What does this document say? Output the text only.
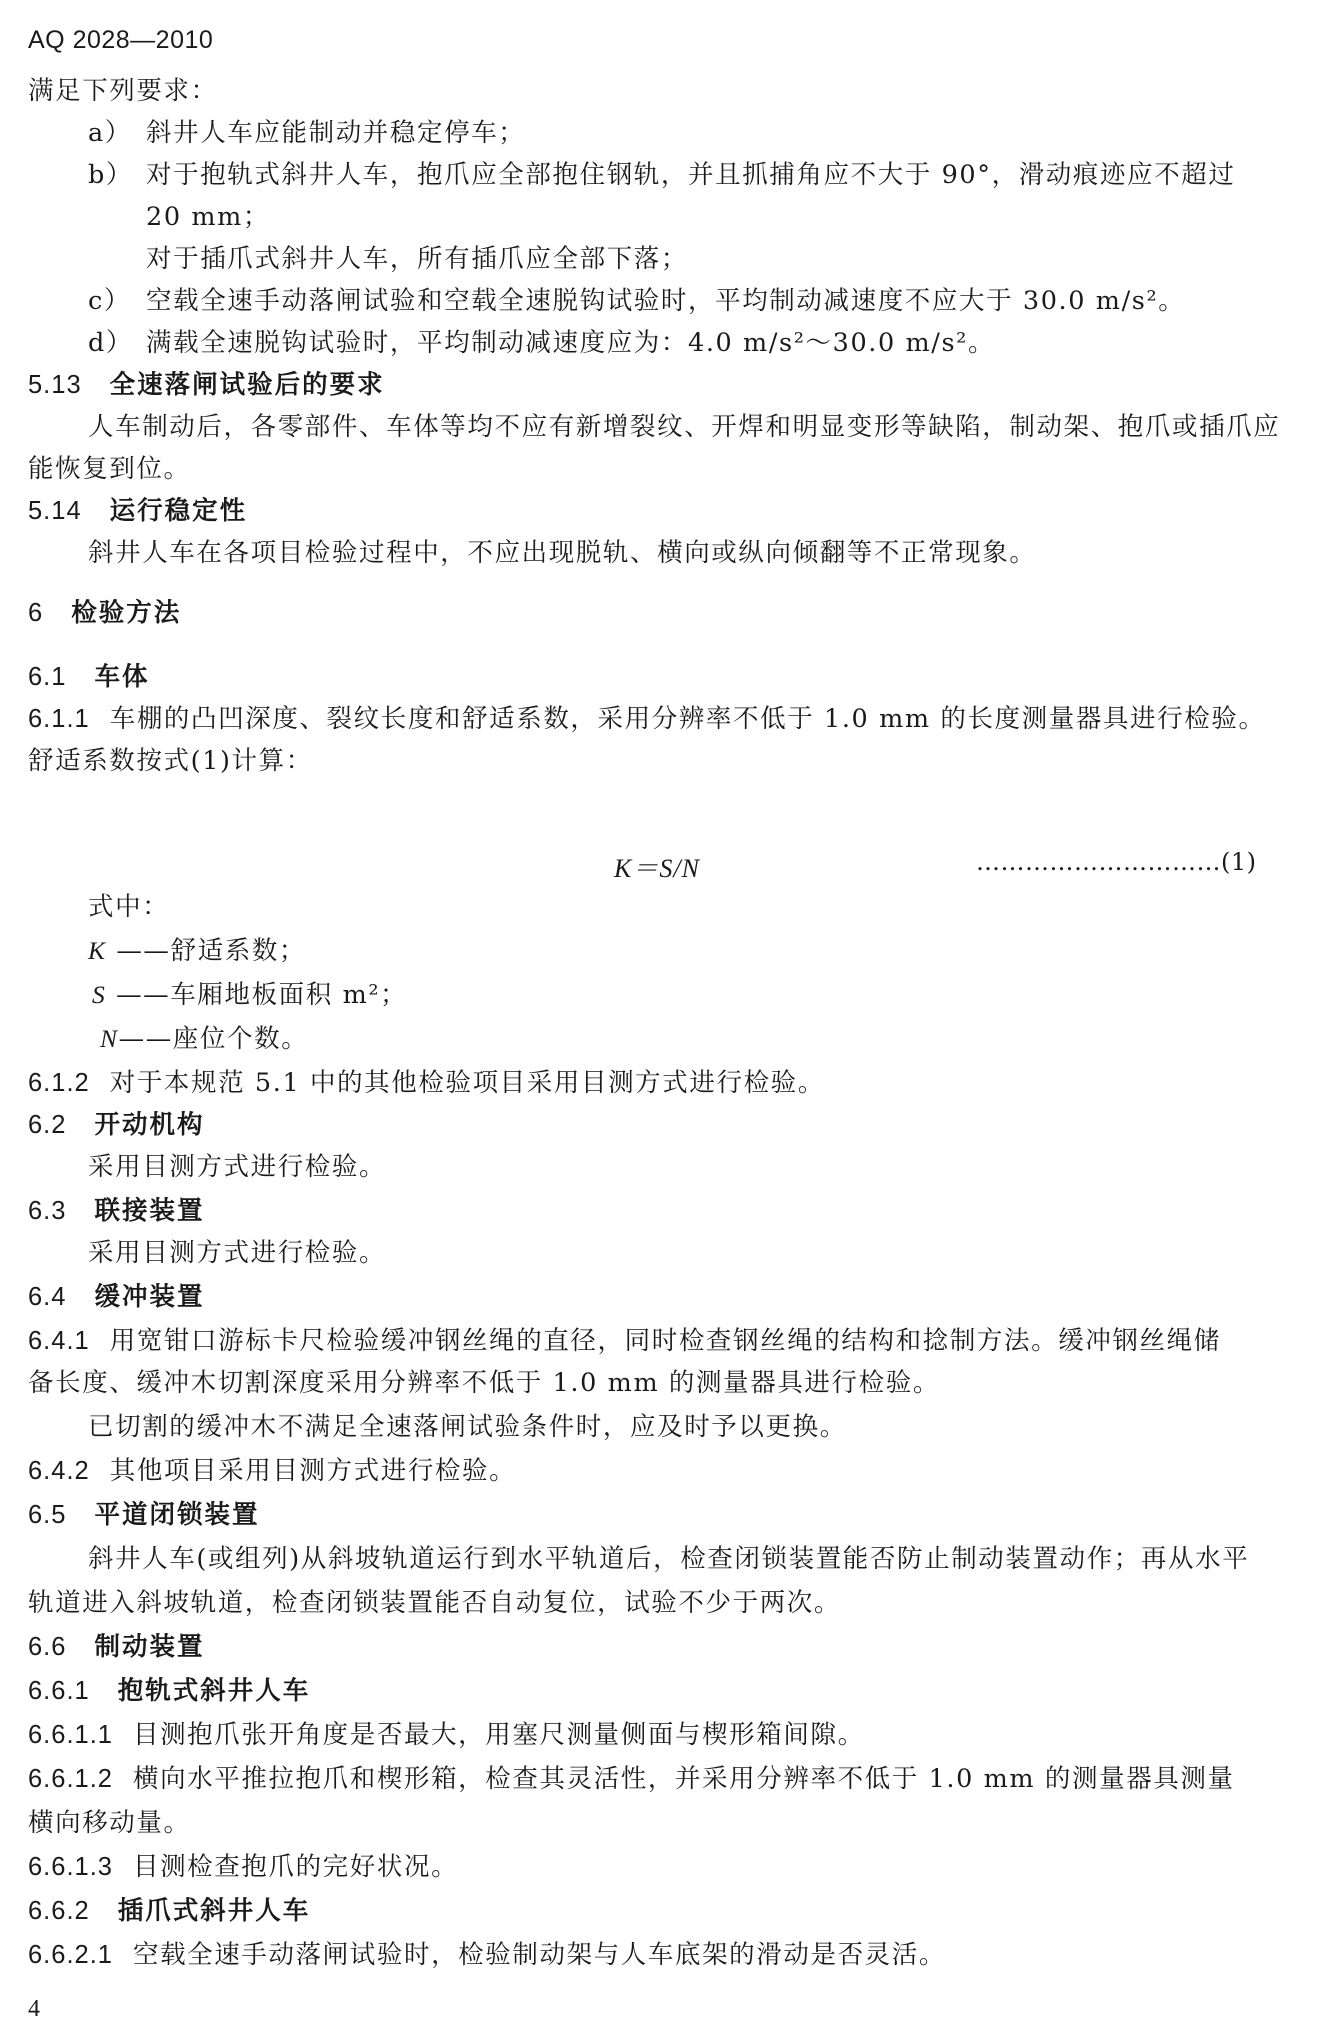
AQ 2028—2010
满足下列要求：
a） 斜井人车应能制动并稳定停车；
b） 对于抱轨式斜井人车，抱爪应全部抱住钢轨，并且抓捕角应不大于 90°，滑动痕迹应不超过
20 mm；
对于插爪式斜井人车，所有插爪应全部下落；
c） 空载全速手动落闸试验和空载全速脱钩试验时，平均制动减速度不应大于 30.0 m/s²。
d） 满载全速脱钩试验时，平均制动减速度应为：4.0 m/s²～30.0 m/s²。
5.13 全速落闸试验后的要求
人车制动后，各零部件、车体等均不应有新增裂纹、开焊和明显变形等缺陷，制动架、抱爪或插爪应
能恢复到位。
5.14 运行稳定性
斜井人车在各项目检验过程中，不应出现脱轨、横向或纵向倾翻等不正常现象。
6 检验方法
6.1 车体
6.1.1 车棚的凸凹深度、裂纹长度和舒适系数，采用分辨率不低于 1.0 mm 的长度测量器具进行检验。
舒适系数按式(1)计算：
K＝S/N	…………………………(1)
式中：
K ——舒适系数；
S ——车厢地板面积 m²；
N——座位个数。
6.1.2 对于本规范 5.1 中的其他检验项目采用目测方式进行检验。
6.2 开动机构
采用目测方式进行检验。
6.3 联接装置
采用目测方式进行检验。
6.4 缓冲装置
6.4.1 用宽钳口游标卡尺检验缓冲钢丝绳的直径，同时检查钢丝绳的结构和捻制方法。缓冲钢丝绳储
备长度、缓冲木切割深度采用分辨率不低于 1.0 mm 的测量器具进行检验。
已切割的缓冲木不满足全速落闸试验条件时，应及时予以更换。
6.4.2 其他项目采用目测方式进行检验。
6.5 平道闭锁装置
斜井人车(或组列)从斜坡轨道运行到水平轨道后，检查闭锁装置能否防止制动装置动作；再从水平
轨道进入斜坡轨道，检查闭锁装置能否自动复位，试验不少于两次。
6.6 制动装置
6.6.1 抱轨式斜井人车
6.6.1.1 目测抱爪张开角度是否最大，用塞尺测量侧面与楔形箱间隙。
6.6.1.2 横向水平推拉抱爪和楔形箱，检查其灵活性，并采用分辨率不低于 1.0 mm 的测量器具测量
横向移动量。
6.6.1.3 目测检查抱爪的完好状况。
6.6.2 插爪式斜井人车
6.6.2.1 空载全速手动落闸试验时，检验制动架与人车底架的滑动是否灵活。
4
